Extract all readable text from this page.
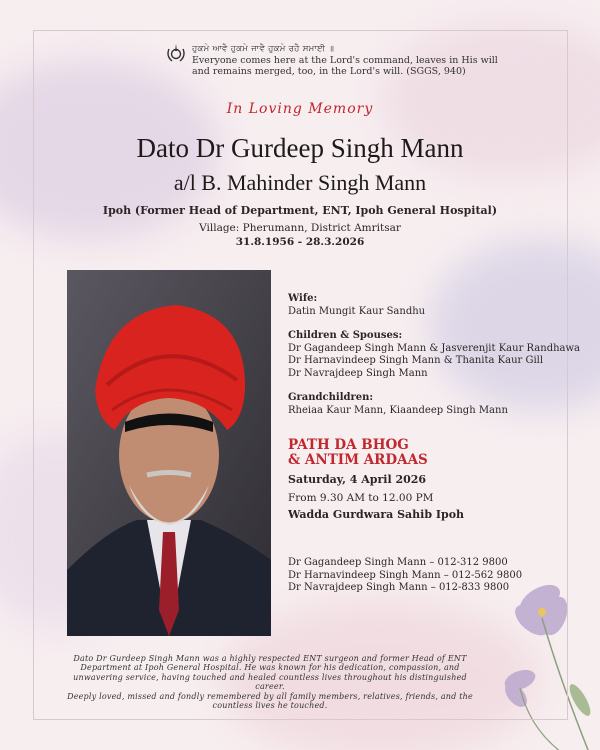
ਹੁਕਮੇ ਆਵੈ ਹੁਕਮੇ ਜਾਵੈ ਹੁਕਮੇ ਰਹੈ ਸਮਾਈ ॥
Everyone comes here at the Lord's command, leaves in His will
and remains merged, too, in the Lord's will. (SGGS, 940)
In Loving Memory
Dato Dr Gurdeep Singh Mann
a/l B. Mahinder Singh Mann
Ipoh (Former Head of Department, ENT, Ipoh General Hospital)
Village: Pherumann, District Amritsar
31.8.1956 - 28.3.2026
Wife:
Datin Mungit Kaur Sandhu
Children & Spouses:
Dr Gagandeep Singh Mann & Jasverenjit Kaur Randhawa
Dr Harnavindeep Singh Mann & Thanita Kaur Gill
Dr Navrajdeep Singh Mann
Grandchildren:
Rheiaa Kaur Mann, Kiaandeep Singh Mann
PATH DA BHOG
& ANTIM ARDAAS
Saturday, 4 April 2026
From 9.30 AM to 12.00 PM
Wadda Gurdwara Sahib Ipoh
Dr Gagandeep Singh Mann – 012-312 9800
Dr Harnavindeep Singh Mann – 012-562 9800
Dr Navrajdeep Singh Mann – 012-833 9800
Dato Dr Gurdeep Singh Mann was a highly respected ENT surgeon and former Head of ENT Department at Ipoh General Hospital. He was known for his dedication, compassion, and unwavering service, having touched and healed countless lives throughout his distinguished career.
Deeply loved, missed and fondly remembered by all family members, relatives, friends, and the countless lives he touched.
